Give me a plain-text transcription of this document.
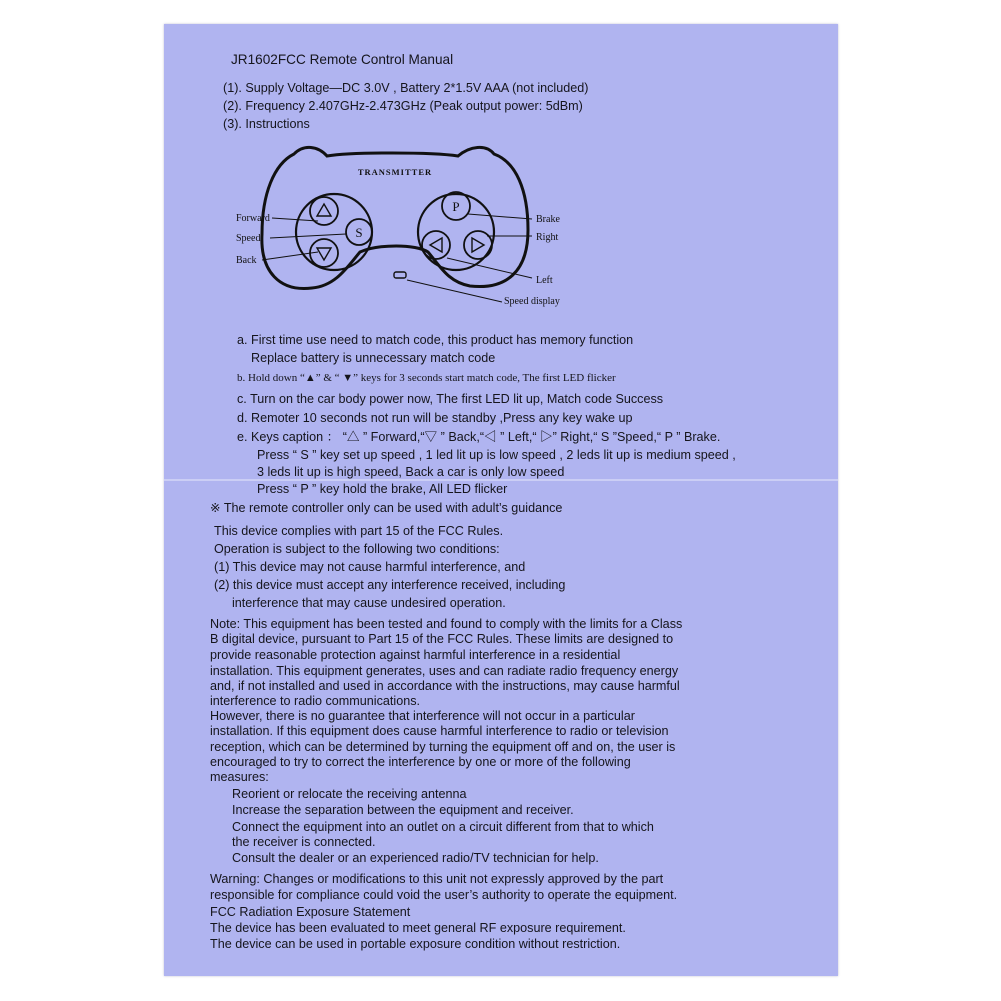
JR1602FCC Remote Control Manual
(1). Supply Voltage—DC 3.0V , Battery 2*1.5V AAA (not included)
(2). Frequency 2.407GHz-2.473GHz (Peak output power: 5dBm)
(3). Instructions
TRANSMITTER
S
P
Forward
Speed
Back
Brake
Right
Left
Speed display
a. First time use need to match code, this product has memory function
Replace battery is unnecessary match code
b. Hold down “▲” & “ ▼” keys for 3 seconds start match code, The first LED flicker
c. Turn on the car body power now, The first LED lit up, Match code Success
d. Remoter 10 seconds not run will be standby ,Press any key wake up
e. Keys caption ： “△ ” Forward,“▽ ” Back,“◁ ” Left,“ ▷” Right,“ S ”Speed,“ P ” Brake.
Press “ S ” key set up speed , 1 led lit up is low speed , 2 leds lit up is medium speed ,
3 leds lit up is high speed, Back a car is only low speed
Press “ P ” key hold the brake, All LED flicker
※ The remote controller only can be used with adult’s guidance
This device complies with part 15 of the FCC Rules.
Operation is subject to the following two conditions:
(1) This device may not cause harmful interference, and
(2) this device must accept any interference received, including
interference that may cause undesired operation.
Note: This equipment has been tested and found to comply with the limits for a Class
B digital device, pursuant to Part 15 of the FCC Rules. These limits are designed to
provide reasonable protection against harmful interference in a residential
installation. This equipment generates, uses and can radiate radio frequency energy
and, if not installed and used in accordance with the instructions, may cause harmful
interference to radio communications.
However, there is no guarantee that interference will not occur in a particular
installation. If this equipment does cause harmful interference to radio or television
reception, which can be determined by turning the equipment off and on, the user is
encouraged to try to correct the interference by one or more of the following
measures:
Reorient or relocate the receiving antenna
Increase the separation between the equipment and receiver.
Connect the equipment into an outlet on a circuit different from that to which
the receiver is connected.
Consult the dealer or an experienced radio/TV technician for help.
Warning: Changes or modifications to this unit not expressly approved by the part
responsible for compliance could void the user’s authority to operate the equipment.
FCC Radiation Exposure Statement
The device has been evaluated to meet general RF exposure requirement.
The device can be used in portable exposure condition without restriction.
